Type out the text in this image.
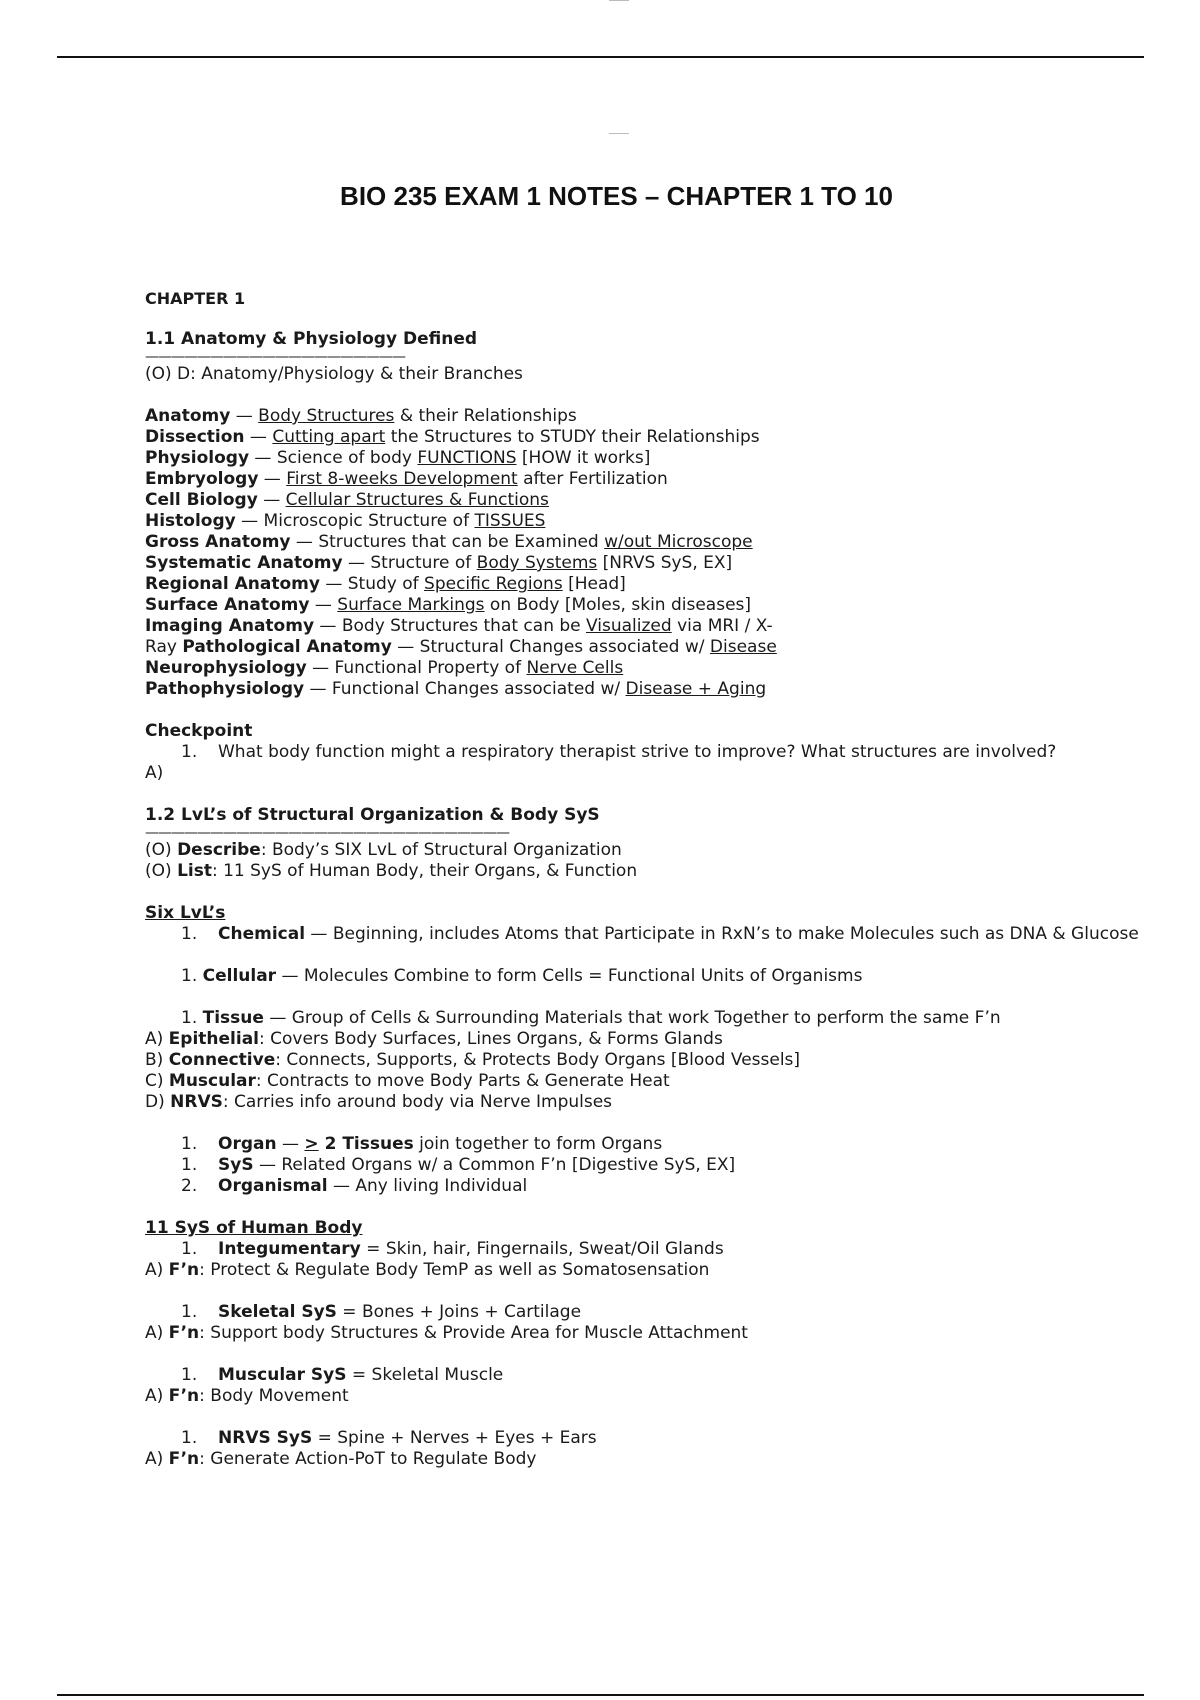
BIO 235 EXAM 1 NOTES – CHAPTER 1 TO 10

CHAPTER 1

1.1 Anatomy & Physiology Defined

————————————————————

(O) D: Anatomy/Physiology & their Branches

Anatomy — Body Structures & their Relationships

Dissection — Cutting apart the Structures to STUDY their Relationships

Physiology — Science of body FUNCTIONS [HOW it works]

Embryology — First 8-weeks Development after Fertilization

Cell Biology — Cellular Structures & Functions

Histology — Microscopic Structure of TISSUES

Gross Anatomy — Structures that can be Examined w/out Microscope

Systematic Anatomy — Structure of Body Systems [NRVS SyS, EX]

Regional Anatomy — Study of Specific Regions [Head]

Surface Anatomy — Surface Markings on Body [Moles, skin diseases]

Imaging Anatomy — Body Structures that can be Visualized via MRI / X-

Ray Pathological Anatomy — Structural Changes associated w/ Disease

Neurophysiology — Functional Property of Nerve Cells

Pathophysiology — Functional Changes associated w/ Disease + Aging

Checkpoint

1. What body function might a respiratory therapist strive to improve? What structures are involved?

A)

1.2 LvL’s of Structural Organization & Body SyS

————————————————————————————

(O) Describe: Body’s SIX LvL of Structural Organization

(O) List: 11 SyS of Human Body, their Organs, & Function

Six LvL’s

1. Chemical — Beginning, includes Atoms that Participate in RxN’s to make Molecules such as DNA & Glucose

1. Cellular — Molecules Combine to form Cells = Functional Units of Organisms

1. Tissue — Group of Cells & Surrounding Materials that work Together to perform the same F’n

A) Epithelial: Covers Body Surfaces, Lines Organs, & Forms Glands

B) Connective: Connects, Supports, & Protects Body Organs [Blood Vessels]

C) Muscular: Contracts to move Body Parts & Generate Heat

D) NRVS: Carries info around body via Nerve Impulses

1. Organ — > 2 Tissues join together to form Organs

1. SyS — Related Organs w/ a Common F’n [Digestive SyS, EX]

2. Organismal — Any living Individual

11 SyS of Human Body

1. Integumentary = Skin, hair, Fingernails, Sweat/Oil Glands

A) F’n: Protect & Regulate Body TemP as well as Somatosensation

1. Skeletal SyS = Bones + Joins + Cartilage

A) F’n: Support body Structures & Provide Area for Muscle Attachment

1. Muscular SyS = Skeletal Muscle

A) F’n: Body Movement

1. NRVS SyS = Spine + Nerves + Eyes + Ears

A) F’n: Generate Action-PoT to Regulate Body
